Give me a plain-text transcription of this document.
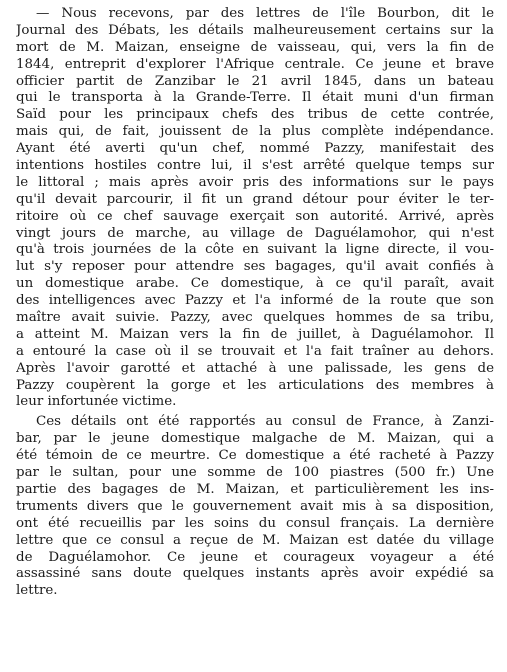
— Nous recevons, par des lettres de l'île Bourbon, dit le
Journal des Débats, les détails malheureusement certains sur la
mort de M. Maizan, enseigne de vaisseau, qui, vers la fin de
1844, entreprit d'explorer l'Afrique centrale. Ce jeune et brave
officier partit de Zanzibar le 21 avril 1845, dans un bateau
qui le transporta à la Grande-Terre. Il était muni d'un firman
Saïd pour les principaux chefs des tribus de cette contrée,
mais qui, de fait, jouissent de la plus complète indépendance.
Ayant été averti qu'un chef, nommé Pazzy, manifestait des
intentions hostiles contre lui, il s'est arrêté quelque temps sur
le littoral ; mais après avoir pris des informations sur le pays
qu'il devait parcourir, il fit un grand détour pour éviter le ter-
ritoire où ce chef sauvage exerçait son autorité. Arrivé, après
vingt jours de marche, au village de Daguélamohor, qui n'est
qu'à trois journées de la côte en suivant la ligne directe, il vou-
lut s'y reposer pour attendre ses bagages, qu'il avait confiés à
un domestique arabe. Ce domestique, à ce qu'il paraît, avait
des intelligences avec Pazzy et l'a informé de la route que son
maître avait suivie. Pazzy, avec quelques hommes de sa tribu,
a atteint M. Maizan vers la fin de juillet, à Daguélamohor. Il
a entouré la case où il se trouvait et l'a fait traîner au dehors.
Après l'avoir garotté et attaché à une palissade, les gens de
Pazzy coupèrent la gorge et les articulations des membres à
leur infortunée victime.
Ces détails ont été rapportés au consul de France, à Zanzi-
bar, par le jeune domestique malgache de M. Maizan, qui a
été témoin de ce meurtre. Ce domestique a été racheté à Pazzy
par le sultan, pour une somme de 100 piastres (500 fr.) Une
partie des bagages de M. Maizan, et particulièrement les ins-
truments divers que le gouvernement avait mis à sa disposition,
ont été recueillis par les soins du consul français. La dernière
lettre que ce consul a reçue de M. Maizan est datée du village
de Daguélamohor. Ce jeune et courageux voyageur a été
assassiné sans doute quelques instants après avoir expédié sa
lettre.
